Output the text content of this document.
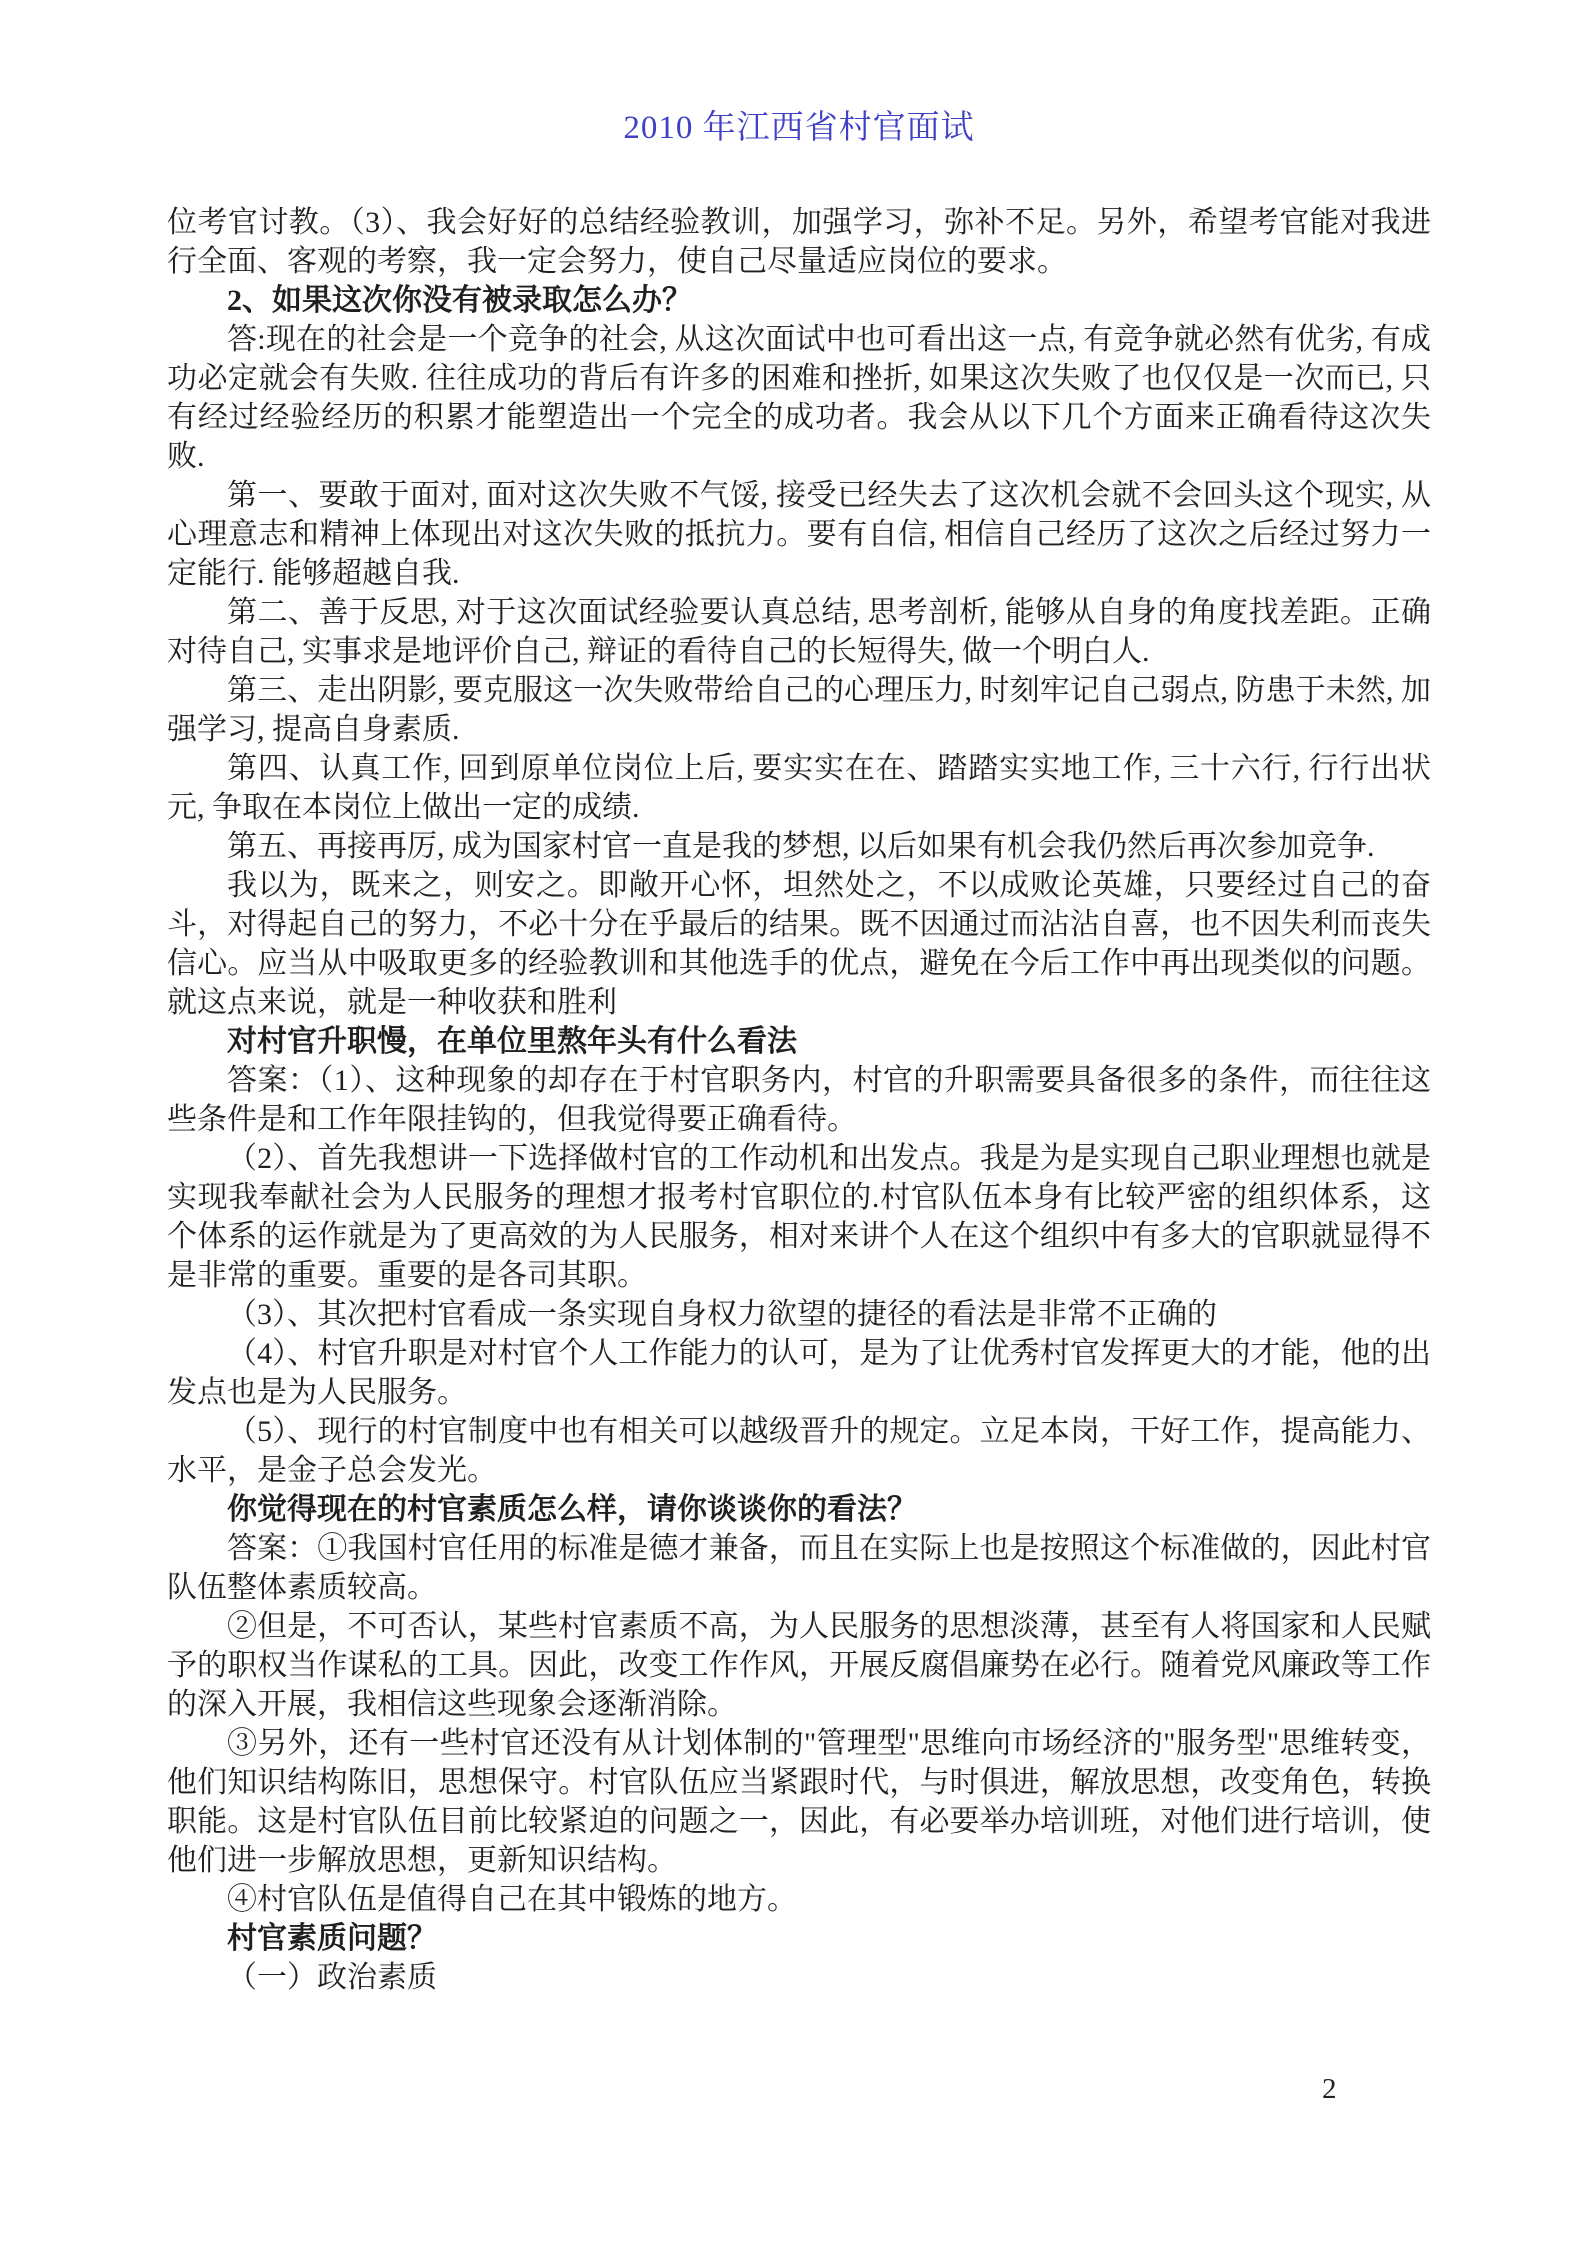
2010 年江西省村官面试

位考官讨教。（3）、我会好好的总结经验教训，加强学习，弥补不足。另外，希望考官能对我进行全面、客观的考察，我一定会努力，使自己尽量适应岗位的要求。

2、如果这次你没有被录取怎么办？

答:现在的社会是一个竞争的社会, 从这次面试中也可看出这一点, 有竞争就必然有优劣, 有成功必定就会有失败. 往往成功的背后有许多的困难和挫折, 如果这次失败了也仅仅是一次而已, 只有经过经验经历的积累才能塑造出一个完全的成功者。我会从以下几个方面来正确看待这次失败.

第一、要敢于面对, 面对这次失败不气馁, 接受已经失去了这次机会就不会回头这个现实, 从心理意志和精神上体现出对这次失败的抵抗力。要有自信, 相信自己经历了这次之后经过努力一定能行. 能够超越自我.

第二、善于反思, 对于这次面试经验要认真总结, 思考剖析, 能够从自身的角度找差距。正确对待自己, 实事求是地评价自己, 辩证的看待自己的长短得失, 做一个明白人.

第三、走出阴影, 要克服这一次失败带给自己的心理压力, 时刻牢记自己弱点, 防患于未然, 加强学习, 提高自身素质.

第四、认真工作, 回到原单位岗位上后, 要实实在在、踏踏实实地工作, 三十六行, 行行出状元, 争取在本岗位上做出一定的成绩.

第五、再接再厉, 成为国家村官一直是我的梦想, 以后如果有机会我仍然后再次参加竞争.

我以为，既来之，则安之。即敞开心怀，坦然处之，不以成败论英雄，只要经过自己的奋斗，对得起自己的努力，不必十分在乎最后的结果。既不因通过而沾沾自喜，也不因失利而丧失信心。应当从中吸取更多的经验教训和其他选手的优点，避免在今后工作中再出现类似的问题。就这点来说，就是一种收获和胜利

对村官升职慢，在单位里熬年头有什么看法

答案：（1）、这种现象的却存在于村官职务内，村官的升职需要具备很多的条件，而往往这些条件是和工作年限挂钩的，但我觉得要正确看待。

（2）、首先我想讲一下选择做村官的工作动机和出发点。我是为是实现自己职业理想也就是实现我奉献社会为人民服务的理想才报考村官职位的.村官队伍本身有比较严密的组织体系，这个体系的运作就是为了更高效的为人民服务，相对来讲个人在这个组织中有多大的官职就显得不是非常的重要。重要的是各司其职。

（3）、其次把村官看成一条实现自身权力欲望的捷径的看法是非常不正确的

（4）、村官升职是对村官个人工作能力的认可，是为了让优秀村官发挥更大的才能，他的出发点也是为人民服务。

（5）、现行的村官制度中也有相关可以越级晋升的规定。立足本岗，干好工作，提高能力、水平，是金子总会发光。

你觉得现在的村官素质怎么样，请你谈谈你的看法？

答案：①我国村官任用的标准是德才兼备，而且在实际上也是按照这个标准做的，因此村官队伍整体素质较高。

②但是，不可否认，某些村官素质不高，为人民服务的思想淡薄，甚至有人将国家和人民赋予的职权当作谋私的工具。因此，改变工作作风，开展反腐倡廉势在必行。随着党风廉政等工作的深入开展，我相信这些现象会逐渐消除。

③另外，还有一些村官还没有从计划体制的"管理型"思维向市场经济的"服务型"思维转变，他们知识结构陈旧，思想保守。村官队伍应当紧跟时代，与时俱进，解放思想，改变角色，转换职能。这是村官队伍目前比较紧迫的问题之一，因此，有必要举办培训班，对他们进行培训，使他们进一步解放思想，更新知识结构。

④村官队伍是值得自己在其中锻炼的地方。

村官素质问题？

（一）政治素质

2
